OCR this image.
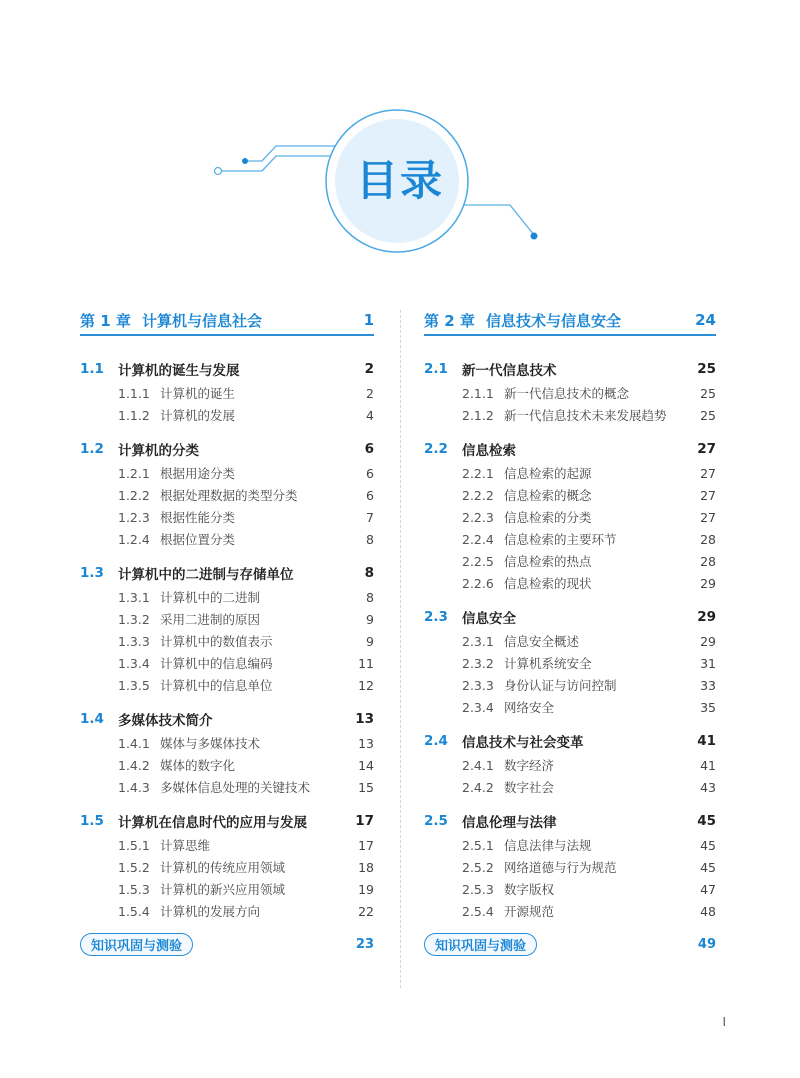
目录
第 1 章 计算机与信息社会	1
1.1	计算机的诞生与发展	2
1.1.1 计算机的诞生	2
1.1.2 计算机的发展	4
1.2	计算机的分类	6
1.2.1 根据用途分类	6
1.2.2 根据处理数据的类型分类	6
1.2.3 根据性能分类	7
1.2.4 根据位置分类	8
1.3	计算机中的二进制与存储单位	8
1.3.1 计算机中的二进制	8
1.3.2 采用二进制的原因	9
1.3.3 计算机中的数值表示	9
1.3.4 计算机中的信息编码	11
1.3.5 计算机中的信息单位	12
1.4	多媒体技术简介	13
1.4.1 媒体与多媒体技术	13
1.4.2 媒体的数字化	14
1.4.3 多媒体信息处理的关键技术	15
1.5	计算机在信息时代的应用与发展	17
1.5.1 计算思维	17
1.5.2 计算机的传统应用领域	18
1.5.3 计算机的新兴应用领域	19
1.5.4 计算机的发展方向	22
知识巩固与测验	23
第 2 章 信息技术与信息安全	24
2.1	新一代信息技术	25
2.1.1 新一代信息技术的概念	25
2.1.2 新一代信息技术未来发展趋势	25
2.2	信息检索	27
2.2.1 信息检索的起源	27
2.2.2 信息检索的概念	27
2.2.3 信息检索的分类	27
2.2.4 信息检索的主要环节	28
2.2.5 信息检索的热点	28
2.2.6 信息检索的现状	29
2.3	信息安全	29
2.3.1 信息安全概述	29
2.3.2 计算机系统安全	31
2.3.3 身份认证与访问控制	33
2.3.4 网络安全	35
2.4	信息技术与社会变革	41
2.4.1 数字经济	41
2.4.2 数字社会	43
2.5	信息伦理与法律	45
2.5.1 信息法律与法规	45
2.5.2 网络道德与行为规范	45
2.5.3 数字版权	47
2.5.4 开源规范	48
知识巩固与测验	49
I
